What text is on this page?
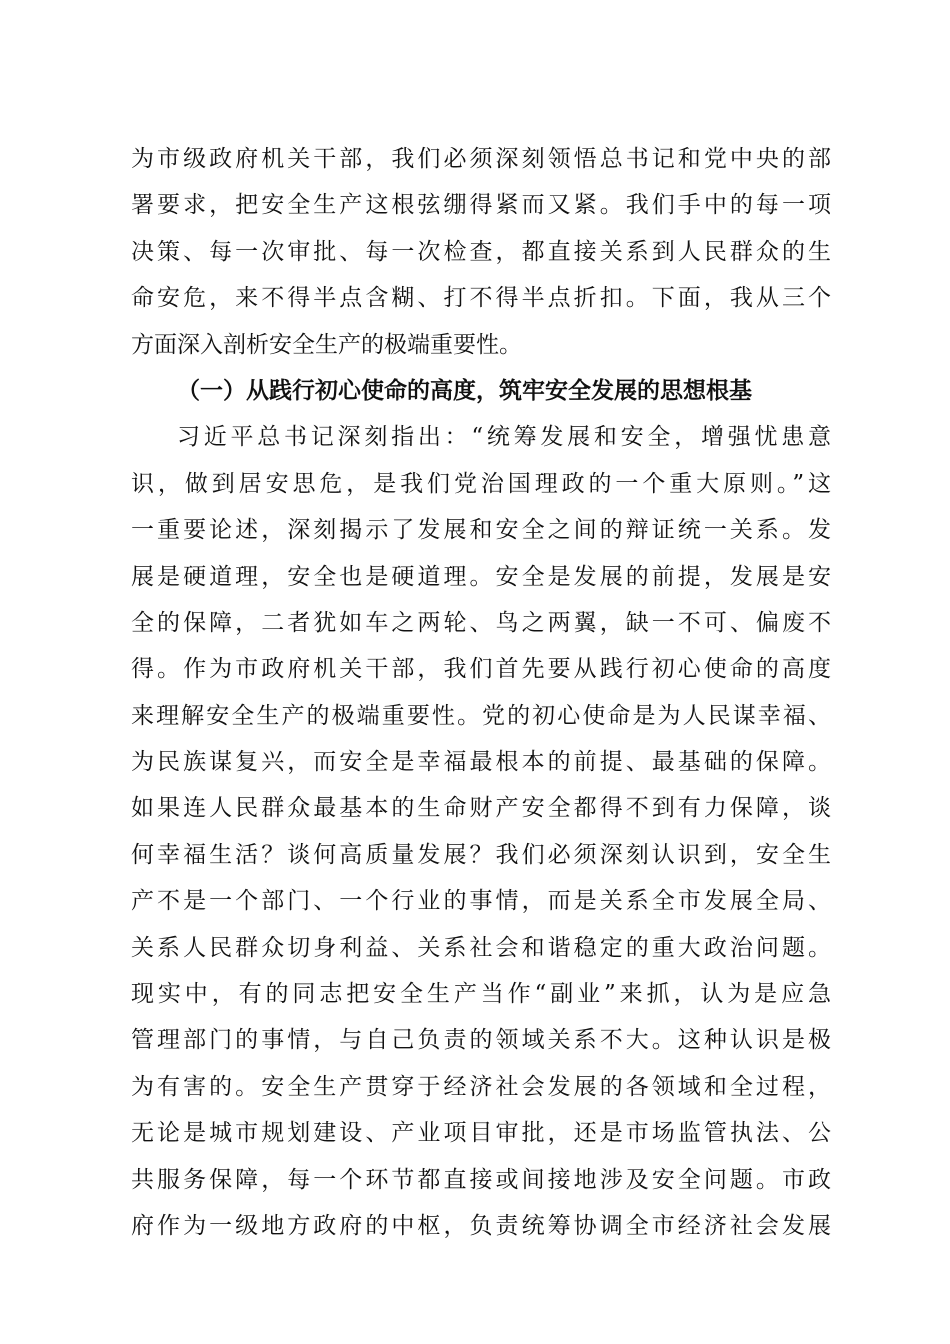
为市级政府机关干部，我们必须深刻领悟总书记和党中央的部
署要求，把安全生产这根弦绷得紧而又紧。我们手中的每一项
决策、每一次审批、每一次检查，都直接关系到人民群众的生
命安危，来不得半点含糊、打不得半点折扣。下面，我从三个
方面深入剖析安全生产的极端重要性。
（一）从践行初心使命的高度，筑牢安全发展的思想根基
习近平总书记深刻指出：“统筹发展和安全，增强忧患意
识，做到居安思危，是我们党治国理政的一个重大原则。”这
一重要论述，深刻揭示了发展和安全之间的辩证统一关系。发
展是硬道理，安全也是硬道理。安全是发展的前提，发展是安
全的保障，二者犹如车之两轮、鸟之两翼，缺一不可、偏废不
得。作为市政府机关干部，我们首先要从践行初心使命的高度
来理解安全生产的极端重要性。党的初心使命是为人民谋幸福、
为民族谋复兴，而安全是幸福最根本的前提、最基础的保障。
如果连人民群众最基本的生命财产安全都得不到有力保障，谈
何幸福生活？谈何高质量发展？我们必须深刻认识到，安全生
产不是一个部门、一个行业的事情，而是关系全市发展全局、
关系人民群众切身利益、关系社会和谐稳定的重大政治问题。
现实中，有的同志把安全生产当作“副业”来抓，认为是应急
管理部门的事情，与自己负责的领域关系不大。这种认识是极
为有害的。安全生产贯穿于经济社会发展的各领域和全过程，
无论是城市规划建设、产业项目审批，还是市场监管执法、公
共服务保障，每一个环节都直接或间接地涉及安全问题。市政
府作为一级地方政府的中枢，负责统筹协调全市经济社会发展
